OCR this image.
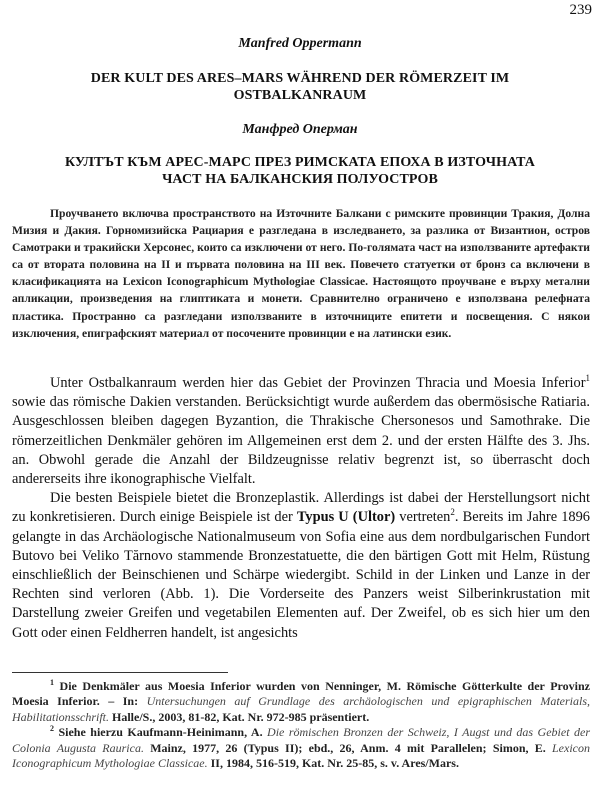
239
Manfred Oppermann
DER KULT DES ARES–MARS WÄHREND DER RÖMERZEIT IM
OSTBALKANRAUM
Манфред Оперман
КУЛТЪТ КЪМ АРЕС-МАРС ПРЕЗ РИМСКАТА ЕПОХА В ИЗТОЧНАТА
ЧАСТ НА БАЛКАНСКИЯ ПОЛУОСТРОВ

Проучването включва пространството на Източните Балкани с римските провинции Тракия, Долна Мизия и Дакия. Горномизийска Рациария е разгледана в изследването, за разлика от Византион, остров Самотраки и тракийски Херсонес, които са изключени от него. По-голямата част на използваните артефакти са от втората половина на II и първата половина на III век. Повечето статуетки от бронз са включени в класификацията на Lexicon Iconographicum Mythologiae Classicae. Настоящото проучване е върху метални апликации, произведения на глиптиката и монети. Сравнително ограничено е използвана релефната пластика. Пространно са разгледани използваните в източниците епитети и посвещения. С някои изключения, епиграфският материал от посочените провинции е на латински език.

Unter Ostbalkanraum werden hier das Gebiet der Provinzen Thracia und Moesia Inferior$^1$ sowie das römische Dakien verstanden. Berücksichtigt wurde außerdem das obermösische Ratiaria. Ausgeschlossen bleiben dagegen Byzantion, die Thrakische Chersonesos und Samothrake. Die römerzeitlichen Denkmäler gehören im Allgemeinen erst dem 2. und der ersten Hälfte des 3. Jhs. an. Obwohl gerade die Anzahl der Bildzeugnisse relativ begrenzt ist, so überrascht doch andererseits ihre ikonographische Vielfalt.

Die besten Beispiele bietet die Bronzeplastik. Allerdings ist dabei der Herstellungsort nicht zu konkretisieren. Durch einige Beispiele ist der Typus U (Ultor) vertreten$^2$. Bereits im Jahre 1896 gelangte in das Archäologische Nationalmuseum von Sofia eine aus dem nordbulgarischen Fundort Butovo bei Veliko Tărnovo stammende Bronzestatuette, die den bärtigen Gott mit Helm, Rüstung einschließlich der Beinschienen und Schärpe wiedergibt. Schild in der Linken und Lanze in der Rechten sind verloren (Abb. 1). Die Vorderseite des Panzers weist Silberinkrustation mit Darstellung zweier Greifen und vegetabilen Elementen auf. Der Zweifel, ob es sich hier um den Gott oder einen Feldherren handelt, ist angesichts

$^1$ Die Denkmäler aus Moesia Inferior wurden von Nenninger, M. Römische Götterkulte der Provinz Moesia Inferior. – In: Untersuchungen auf Grundlage des archäologischen und epigraphischen Materials, Habilitationsschrift. Halle/S., 2003, 81-82, Kat. Nr. 972-985 präsentiert.

$^2$ Siehe hierzu Kaufmann-Heinimann, A. Die römischen Bronzen der Schweiz, I Augst und das Gebiet der Colonia Augusta Raurica. Mainz, 1977, 26 (Typus II); ebd., 26, Anm. 4 mit Parallelen; Simon, E. Lexicon Iconographicum Mythologiae Classicae. II, 1984, 516-519, Kat. Nr. 25-85, s. v. Ares/Mars.
